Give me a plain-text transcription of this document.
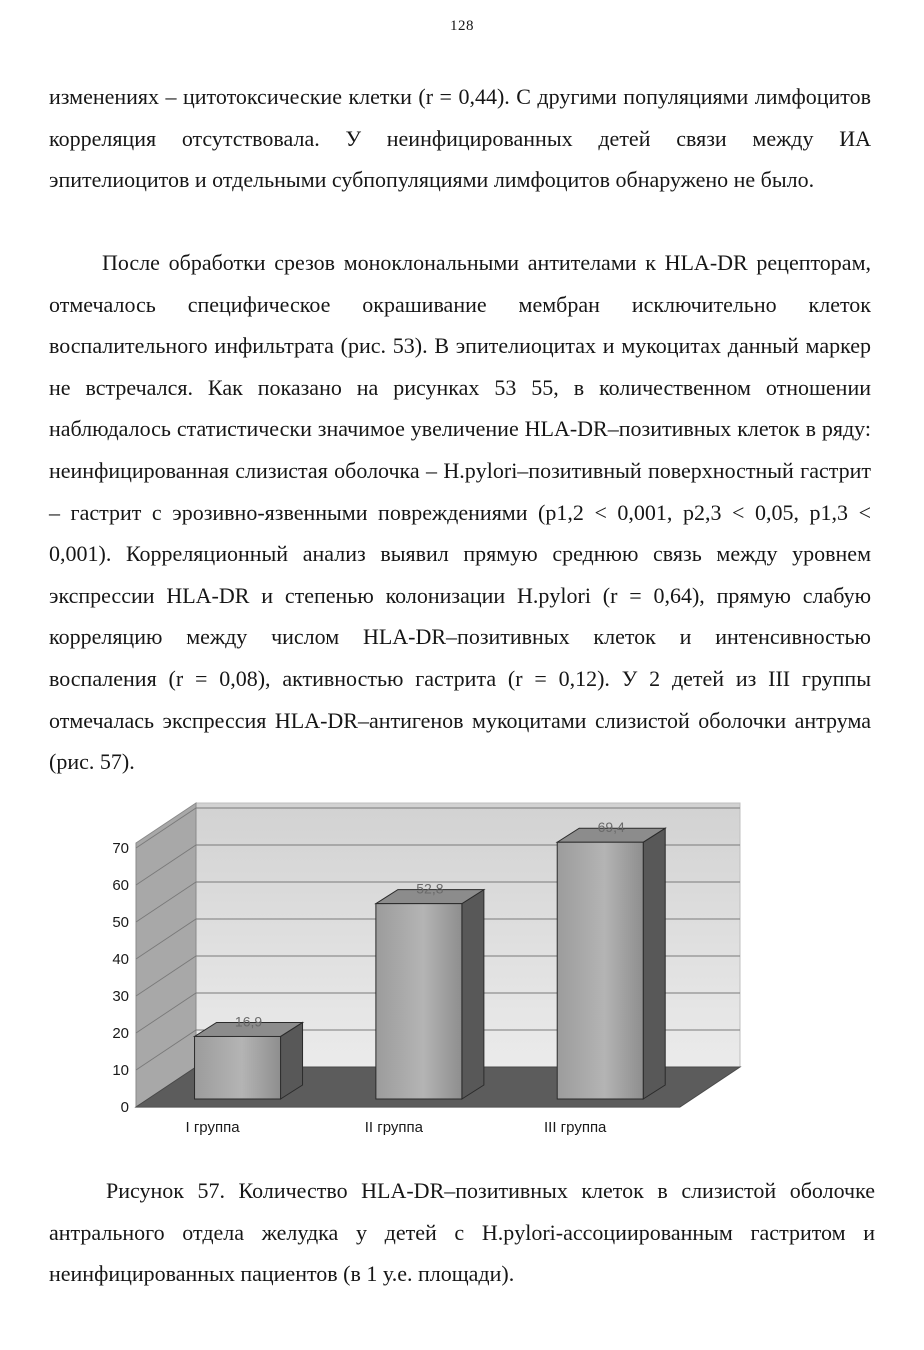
128

изменениях – цитотоксические клетки (r = 0,44). С другими популяциями лимфоцитов корреляция отсутствовала. У неинфицированных детей связи между ИА эпителиоцитов и отдельными субпопуляциями лимфоцитов обнаружено не было.

После обработки срезов моноклональными антителами к HLA-DR рецепторам, отмечалось специфическое окрашивание мембран исключительно клеток воспалительного инфильтрата (рис. 53). В эпителиоцитах и мукоцитах данный маркер не встречался. Как показано на рисунках 53 55, в количественном отношении наблюдалось статистически значимое увеличение HLA-DR–позитивных клеток в ряду: неинфицированная слизистая оболочка – H.pylori–позитивный поверхностный гастрит – гастрит с эрозивно-язвенными повреждениями (p1,2 < 0,001, p2,3 < 0,05, p1,3 < 0,001). Корреляционный анализ выявил прямую среднюю связь между уровнем экспрессии HLA-DR и степенью колонизации H.pylori (r = 0,64), прямую слабую корреляцию между числом HLA-DR–позитивных клеток и интенсивностью воспаления (r = 0,08), активностью гастрита (r = 0,12). У 2 детей из III группы отмечалась экспрессия HLA-DR–антигенов мукоцитами слизистой оболочки антрума (рис. 57).

16,9
52,8
69,4
0
10
20
30
40
50
60
70
I группа	II группа	III группа

Рисунок 57. Количество HLA-DR–позитивных клеток в слизистой оболочке антрального отдела желудка у детей с H.pylori-ассоциированным гастритом и неинфицированных пациентов (в 1 у.е. площади).
